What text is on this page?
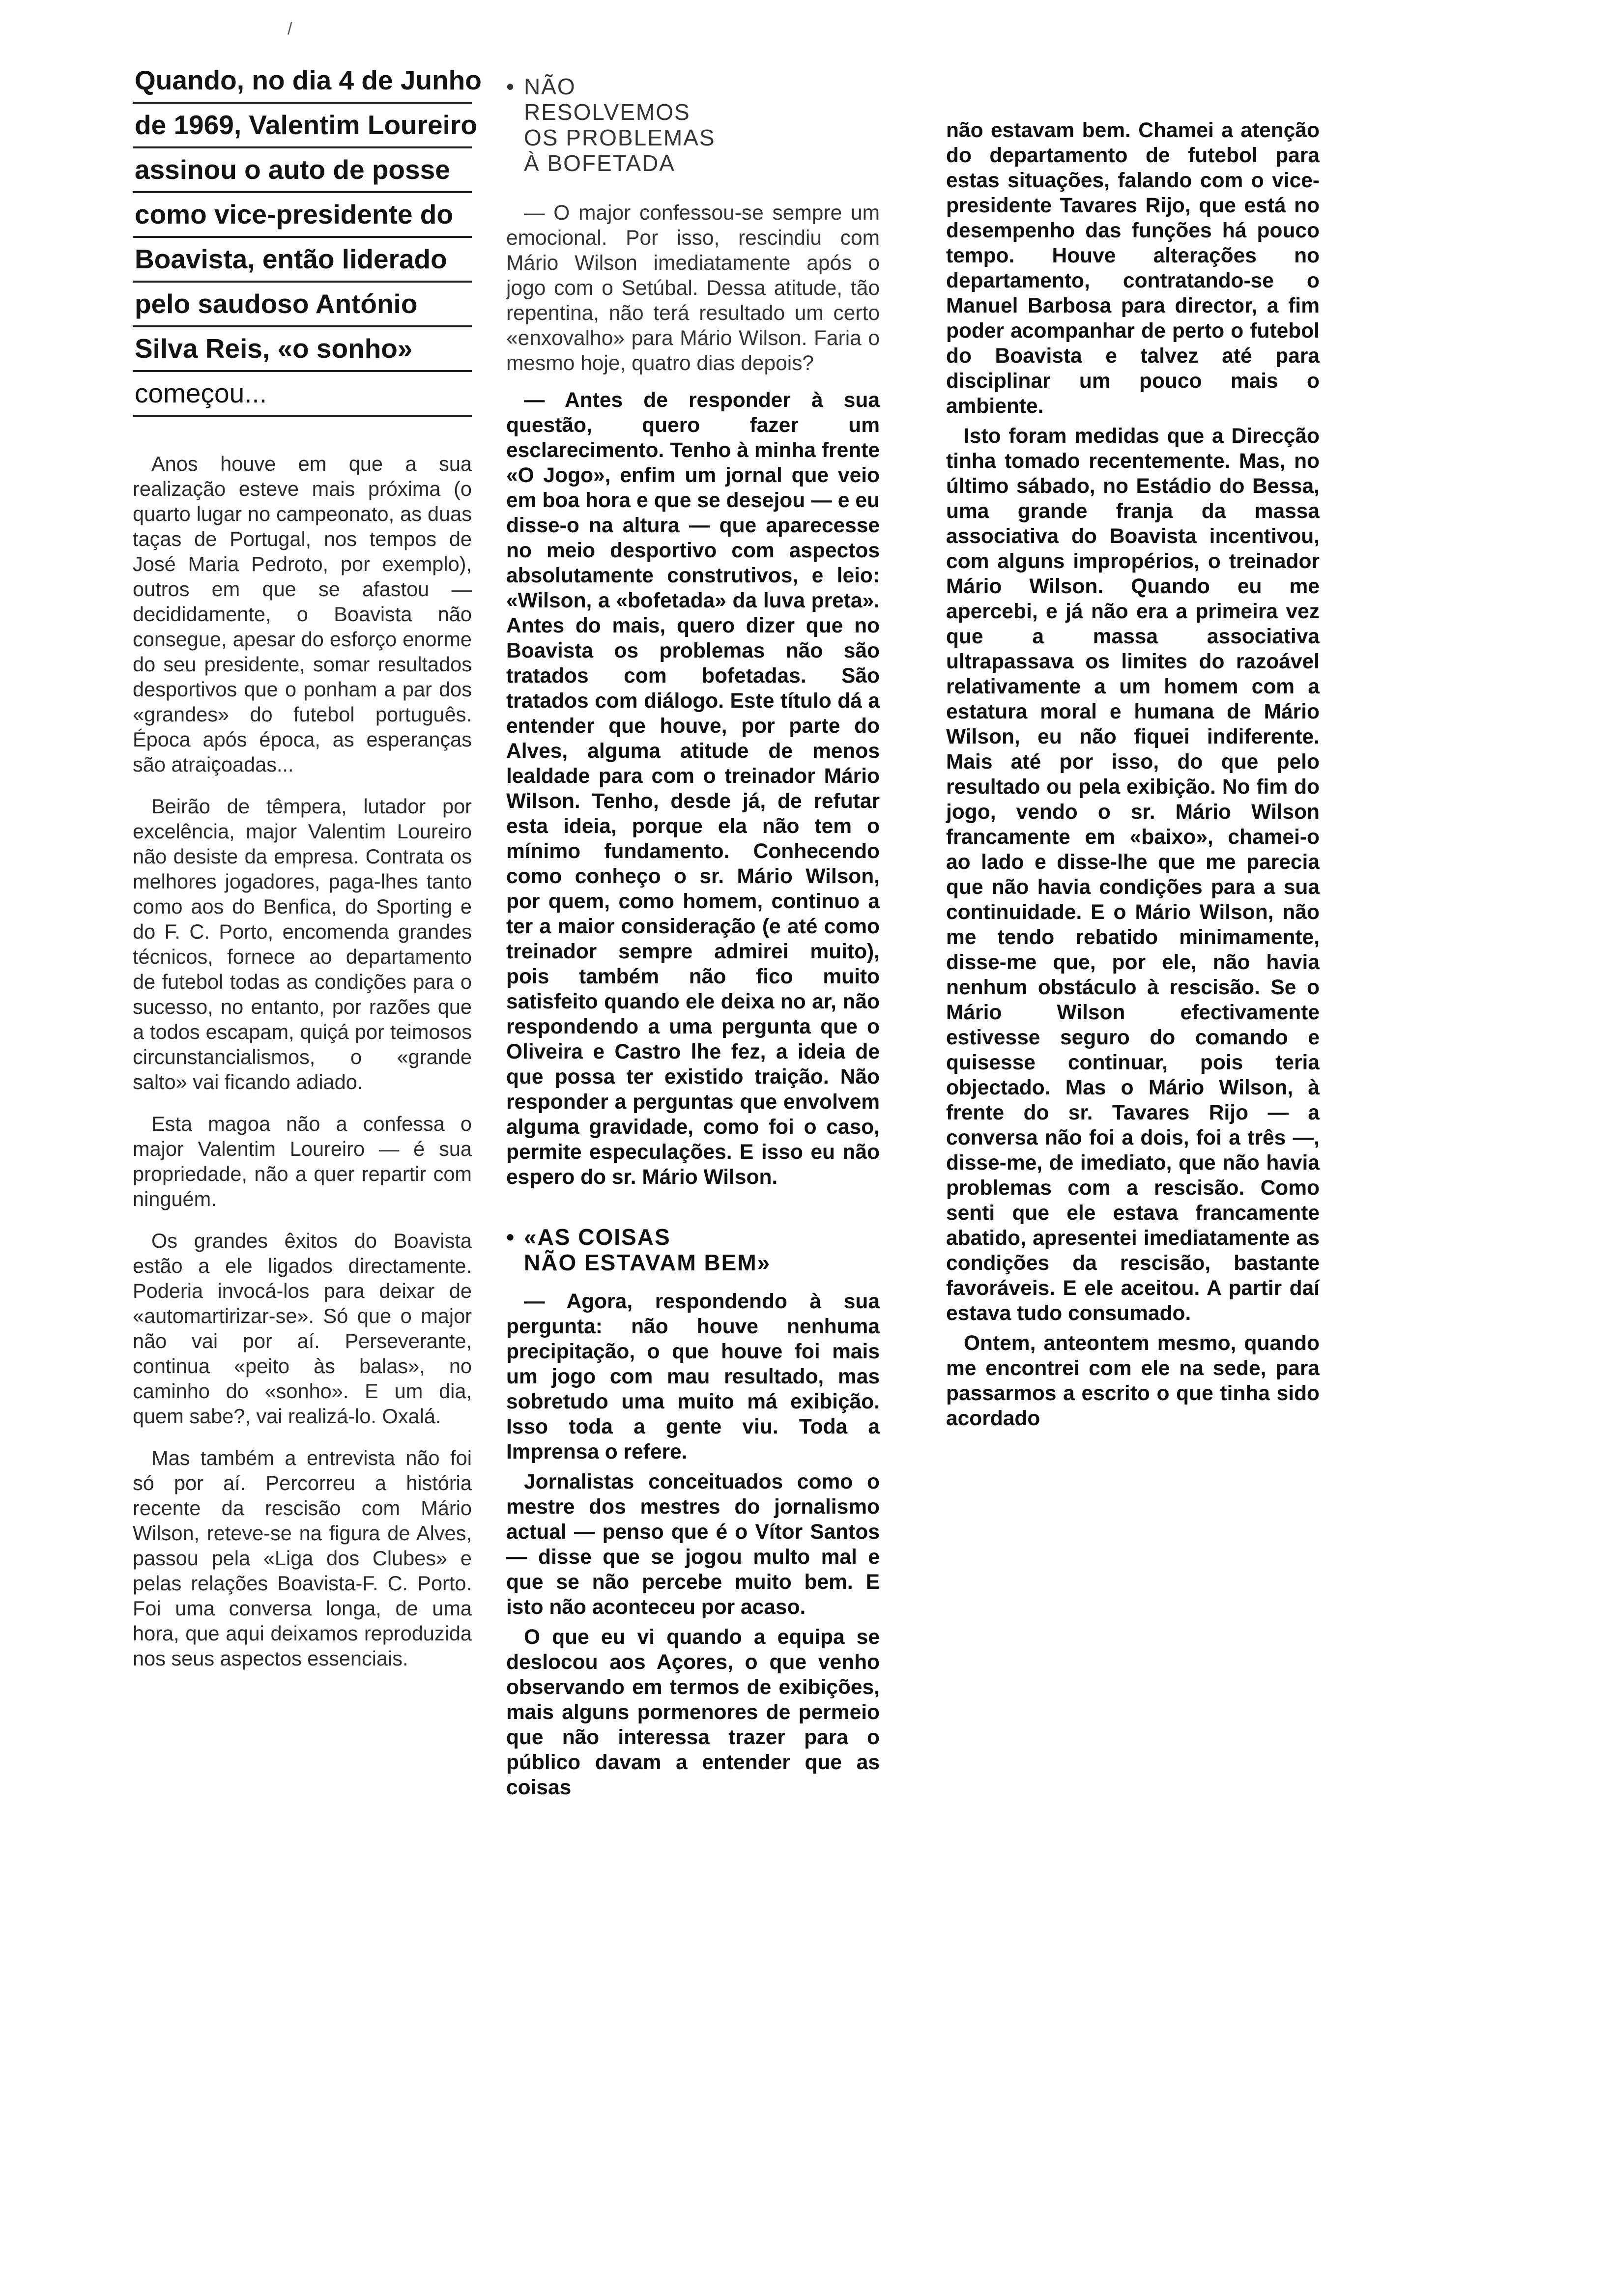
/
Quando, no dia 4 de Junho
de 1969, Valentim Loureiro
assinou o auto de posse
como vice-presidente do
Boavista, então liderado
pelo saudoso António
Silva Reis, «o sonho»
começou...

Anos houve em que a sua realização esteve mais próxima (o quarto lugar no campeonato, as duas taças de Portugal, nos tempos de José Maria Pedroto, por exemplo), outros em que se afastou — decididamente, o Boavista não consegue, apesar do esforço enorme do seu presidente, somar resultados desportivos que o ponham a par dos «grandes» do futebol português. Época após época, as esperanças são atraiçoadas...

Beirão de têmpera, lutador por excelência, major Valentim Loureiro não desiste da empresa. Contrata os melhores jogadores, paga-lhes tanto como aos do Benfica, do Sporting e do F. C. Porto, encomenda grandes técnicos, fornece ao departamento de futebol todas as condições para o sucesso, no entanto, por razões que a todos escapam, quiçá por teimosos circunstancialismos, o «grande salto» vai ficando adiado.

Esta magoa não a confessa o major Valentim Loureiro — é sua propriedade, não a quer repartir com ninguém.

Os grandes êxitos do Boavista estão a ele ligados directamente. Poderia invocá-los para deixar de «automartirizar-se». Só que o major não vai por aí. Perseverante, continua «peito às balas», no caminho do «sonho». E um dia, quem sabe?, vai realizá-lo. Oxalá.

Mas também a entrevista não foi só por aí. Percorreu a história recente da rescisão com Mário Wilson, reteve-se na figura de Alves, passou pela «Liga dos Clubes» e pelas relações Boavista-F. C. Porto. Foi uma conversa longa, de uma hora, que aqui deixamos reproduzida nos seus aspectos essenciais.

• NÃO
RESOLVEMOS
OS PROBLEMAS
À BOFETADA

— O major confessou-se sempre um emocional. Por isso, rescindiu com Mário Wilson imediatamente após o jogo com o Setúbal. Dessa atitude, tão repentina, não terá resultado um certo «enxovalho» para Mário Wilson. Faria o mesmo hoje, quatro dias depois?

— Antes de responder à sua questão, quero fazer um esclarecimento. Tenho à minha frente «O Jogo», enfim um jornal que veio em boa hora e que se desejou — e eu disse-o na altura — que aparecesse no meio desportivo com aspectos absolutamente construtivos, e leio: «Wilson, a «bofetada» da luva preta». Antes do mais, quero dizer que no Boavista os problemas não são tratados com bofetadas. São tratados com diálogo. Este título dá a entender que houve, por parte do Alves, alguma atitude de menos lealdade para com o treinador Mário Wilson. Tenho, desde já, de refutar esta ideia, porque ela não tem o mínimo fundamento. Conhecendo como conheço o sr. Mário Wilson, por quem, como homem, continuo a ter a maior consideração (e até como treinador sempre admirei muito), pois também não fico muito satisfeito quando ele deixa no ar, não respondendo a uma pergunta que o Oliveira e Castro lhe fez, a ideia de que possa ter existido traição. Não responder a perguntas que envolvem alguma gravidade, como foi o caso, permite especulações. E isso eu não espero do sr. Mário Wilson.

• «AS COISAS
NÃO ESTAVAM BEM»

— Agora, respondendo à sua pergunta: não houve nenhuma precipitação, o que houve foi mais um jogo com mau resultado, mas sobretudo uma muito má exibição. Isso toda a gente viu. Toda a Imprensa o refere.

Jornalistas conceituados como o mestre dos mestres do jornalismo actual — penso que é o Vítor Santos — disse que se jogou multo mal e que se não percebe muito bem. E isto não aconteceu por acaso.

O que eu vi quando a equipa se deslocou aos Açores, o que venho observando em termos de exibições, mais alguns pormenores de permeio que não interessa trazer para o público davam a entender que as coisas

não estavam bem. Chamei a atenção do departamento de futebol para estas situações, falando com o vice-presidente Tavares Rijo, que está no desempenho das funções há pouco tempo. Houve alterações no departamento, contratando-se o Manuel Barbosa para director, a fim poder acompanhar de perto o futebol do Boavista e talvez até para disciplinar um pouco mais o ambiente.

Isto foram medidas que a Direcção tinha tomado recentemente. Mas, no último sábado, no Estádio do Bessa, uma grande franja da massa associativa do Boavista incentivou, com alguns impropérios, o treinador Mário Wilson. Quando eu me apercebi, e já não era a primeira vez que a massa associativa ultrapassava os limites do razoável relativamente a um homem com a estatura moral e humana de Mário Wilson, eu não fiquei indiferente. Mais até por isso, do que pelo resultado ou pela exibição. No fim do jogo, vendo o sr. Mário Wilson francamente em «baixo», chamei-o ao lado e disse-lhe que me parecia que não havia condições para a sua continuidade. E o Mário Wilson, não me tendo rebatido minimamente, disse-me que, por ele, não havia nenhum obstáculo à rescisão. Se o Mário Wilson efectivamente estivesse seguro do comando e quisesse continuar, pois teria objectado. Mas o Mário Wilson, à frente do sr. Tavares Rijo — a conversa não foi a dois, foi a três —, disse-me, de imediato, que não havia problemas com a rescisão. Como senti que ele estava francamente abatido, apresentei imediatamente as condições da rescisão, bastante favoráveis. E ele aceitou. A partir daí estava tudo consumado.

Ontem, anteontem mesmo, quando me encontrei com ele na sede, para passarmos a escrito o que tinha sido acordado
